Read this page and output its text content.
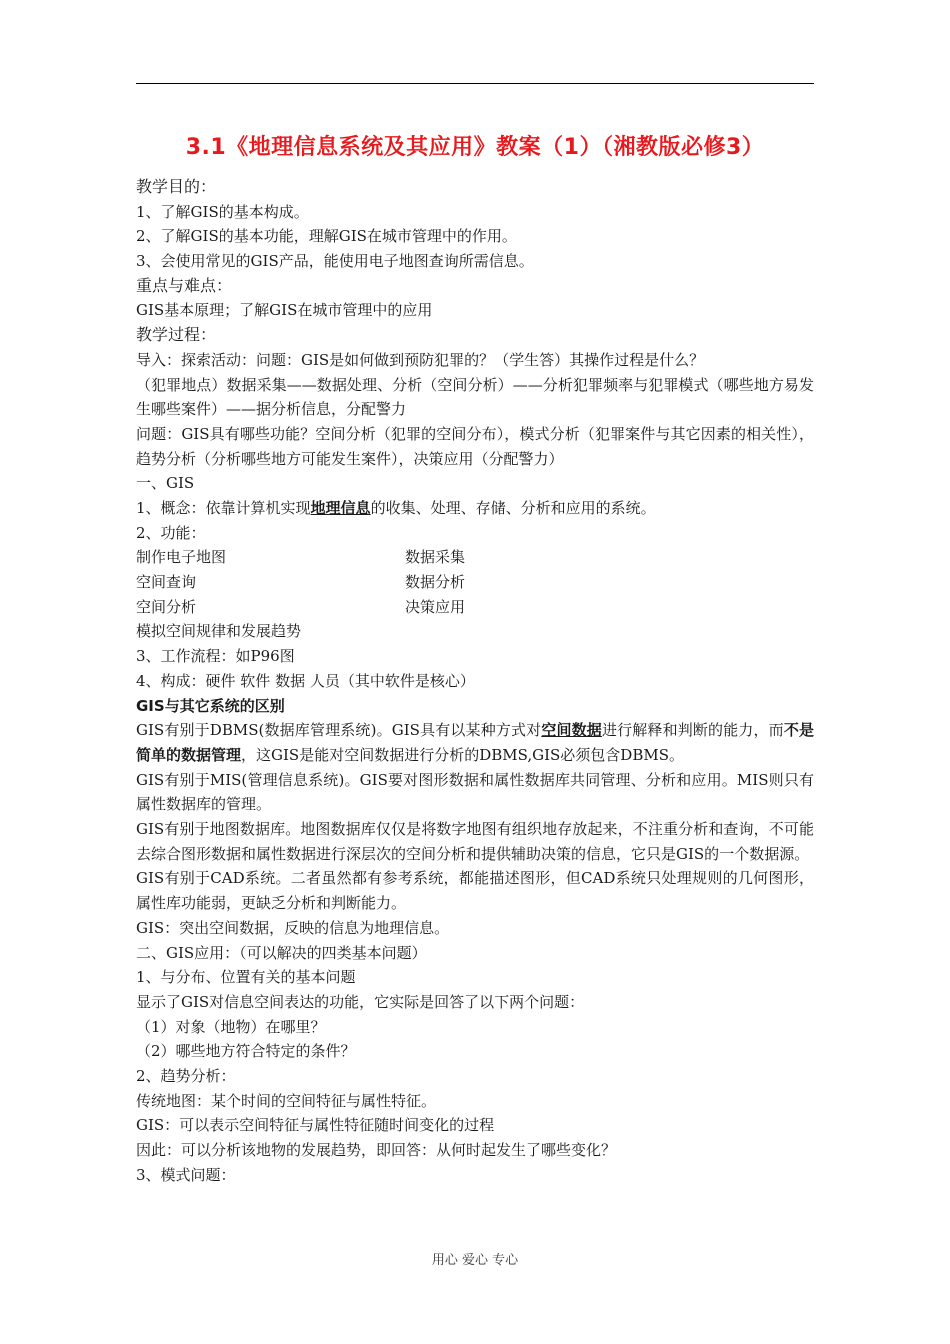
3.1《地理信息系统及其应用》教案（1）（湘教版必修3）
教学目的：
1、了解GIS的基本构成。
2、了解GIS的基本功能，理解GIS在城市管理中的作用。
3、会使用常见的GIS产品，能使用电子地图查询所需信息。
重点与难点：
GIS基本原理；了解GIS在城市管理中的应用
教学过程：
导入：探索活动：问题：GIS是如何做到预防犯罪的？（学生答）其操作过程是什么？
（犯罪地点）数据采集——数据处理、分析（空间分析）——分析犯罪频率与犯罪模式（哪些地方易发生哪些案件）——据分析信息，分配警力
问题：GIS具有哪些功能？空间分析（犯罪的空间分布），模式分析（犯罪案件与其它因素的相关性），趋势分析（分析哪些地方可能发生案件），决策应用（分配警力）
一、GIS
1、概念：依靠计算机实现地理信息的收集、处理、存储、分析和应用的系统。
2、功能：
制作电子地图	数据采集
空间查询	数据分析
空间分析	决策应用
模拟空间规律和发展趋势
3、工作流程：如P96图
4、构成：硬件 软件 数据 人员（其中软件是核心）
GIS与其它系统的区别
GIS有别于DBMS(数据库管理系统)。GIS具有以某种方式对空间数据进行解释和判断的能力，而不是简单的数据管理，这GIS是能对空间数据进行分析的DBMS,GIS必须包含DBMS。
GIS有别于MIS(管理信息系统)。GIS要对图形数据和属性数据库共同管理、分析和应用。MIS则只有属性数据库的管理。
GIS有别于地图数据库。地图数据库仅仅是将数字地图有组织地存放起来，不注重分析和查询，不可能去综合图形数据和属性数据进行深层次的空间分析和提供辅助决策的信息，它只是GIS的一个数据源。
GIS有别于CAD系统。二者虽然都有参考系统，都能描述图形，但CAD系统只处理规则的几何图形，属性库功能弱，更缺乏分析和判断能力。
GIS：突出空间数据，反映的信息为地理信息。
二、GIS应用：（可以解决的四类基本问题）
1、与分布、位置有关的基本问题
显示了GIS对信息空间表达的功能，它实际是回答了以下两个问题：
（1）对象（地物）在哪里？
（2）哪些地方符合特定的条件？
2、趋势分析：
传统地图：某个时间的空间特征与属性特征。
GIS：可以表示空间特征与属性特征随时间变化的过程
因此：可以分析该地物的发展趋势，即回答：从何时起发生了哪些变化？
3、模式问题：
用心 爱心 专心
